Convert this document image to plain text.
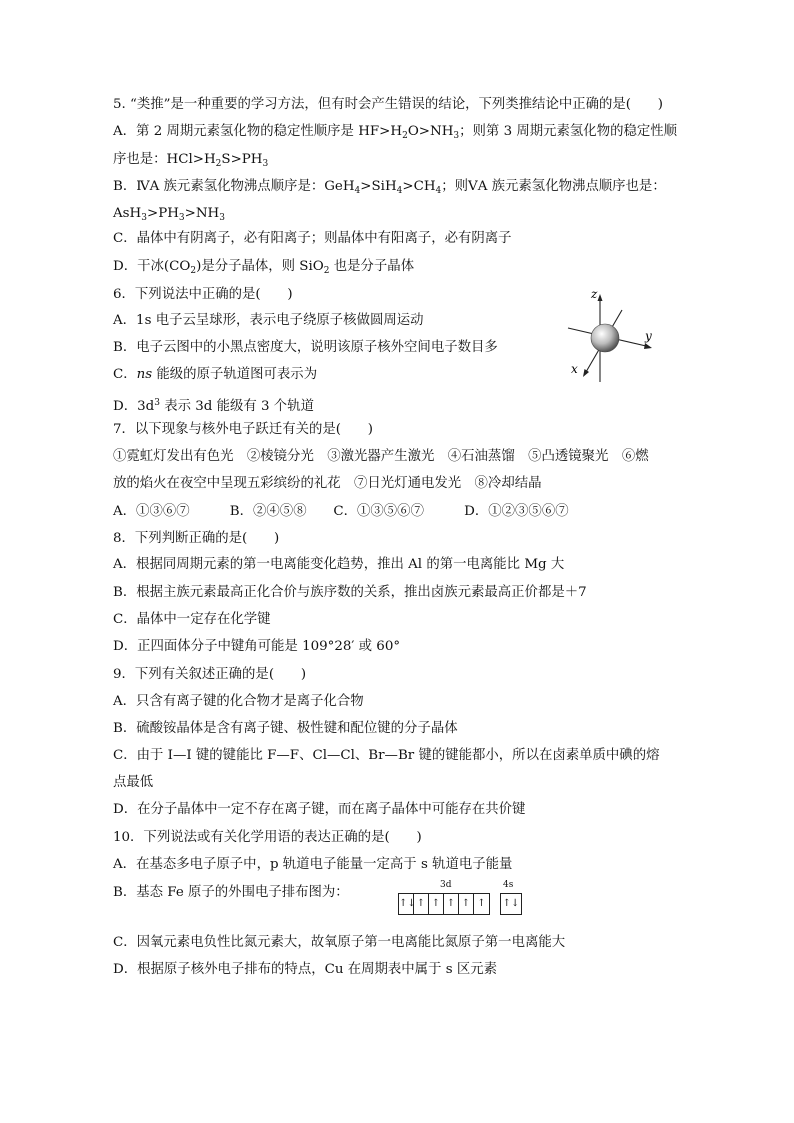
5. “类推”是一种重要的学习方法，但有时会产生错误的结论，下列类推结论中正确的是(　　)
A．第 2 周期元素氢化物的稳定性顺序是 $HF>H_2O>NH_3$；则第 3 周期元素氢化物的稳定性顺
序也是：$HCl>H_2S>PH_3$
B．ⅣA 族元素氢化物沸点顺序是：$GeH_4>SiH_4>CH_4$；则ⅤA 族元素氢化物沸点顺序也是：
$AsH_3>PH_3>NH_3$
C．晶体中有阴离子，必有阳离子；则晶体中有阳离子，必有阴离子
D．干冰$(CO_2)$是分子晶体，则 SiO$_2$ 也是分子晶体
6．下列说法中正确的是(　　)
A．1s 电子云呈球形，表示电子绕原子核做圆周运动
B．电子云图中的小黑点密度大，说明该原子核外空间电子数目多
C．ns 能级的原子轨道图可表示为
D．$3d^3$ 表示 3d 能级有 3 个轨道
z
y
x
7．以下现象与核外电子跃迁有关的是(　　)
①霓虹灯发出有色光　②棱镜分光　③激光器产生激光　④石油蒸馏　⑤凸透镜聚光　⑥燃
放的焰火在夜空中呈现五彩缤纷的礼花　⑦日光灯通电发光　⑧冷却结晶
A．①③⑥⑦　　　B．②④⑤⑧　　C．①③⑤⑥⑦　　　D．①②③⑤⑥⑦
8．下列判断正确的是(　　)
A．根据同周期元素的第一电离能变化趋势，推出 Al 的第一电离能比 Mg 大
B．根据主族元素最高正化合价与族序数的关系，推出卤族元素最高正价都是＋7
C．晶体中一定存在化学键
D．正四面体分子中键角可能是 109°28′ 或 60°
9．下列有关叙述正确的是(　　)
A．只含有离子键的化合物才是离子化合物
B．硫酸铵晶体是含有离子键、极性键和配位键的分子晶体
C．由于 I—I 键的键能比 F—F、Cl—Cl、Br—Br 键的键能都小，所以在卤素单质中碘的熔
点最低
D．在分子晶体中一定不存在离子键，而在离子晶体中可能存在共价键
10．下列说法或有关化学用语的表达正确的是(　　)
A．在基态多电子原子中，p 轨道电子能量一定高于 s 轨道电子能量
B．基态 Fe 原子的外围电子排布图为：	3d	4s
↑↓ ↑ ↑ ↑ ↑ ↑	↑↓
C．因氧元素电负性比氮元素大，故氧原子第一电离能比氮原子第一电离能大
D．根据原子核外电子排布的特点，Cu 在周期表中属于 s 区元素
